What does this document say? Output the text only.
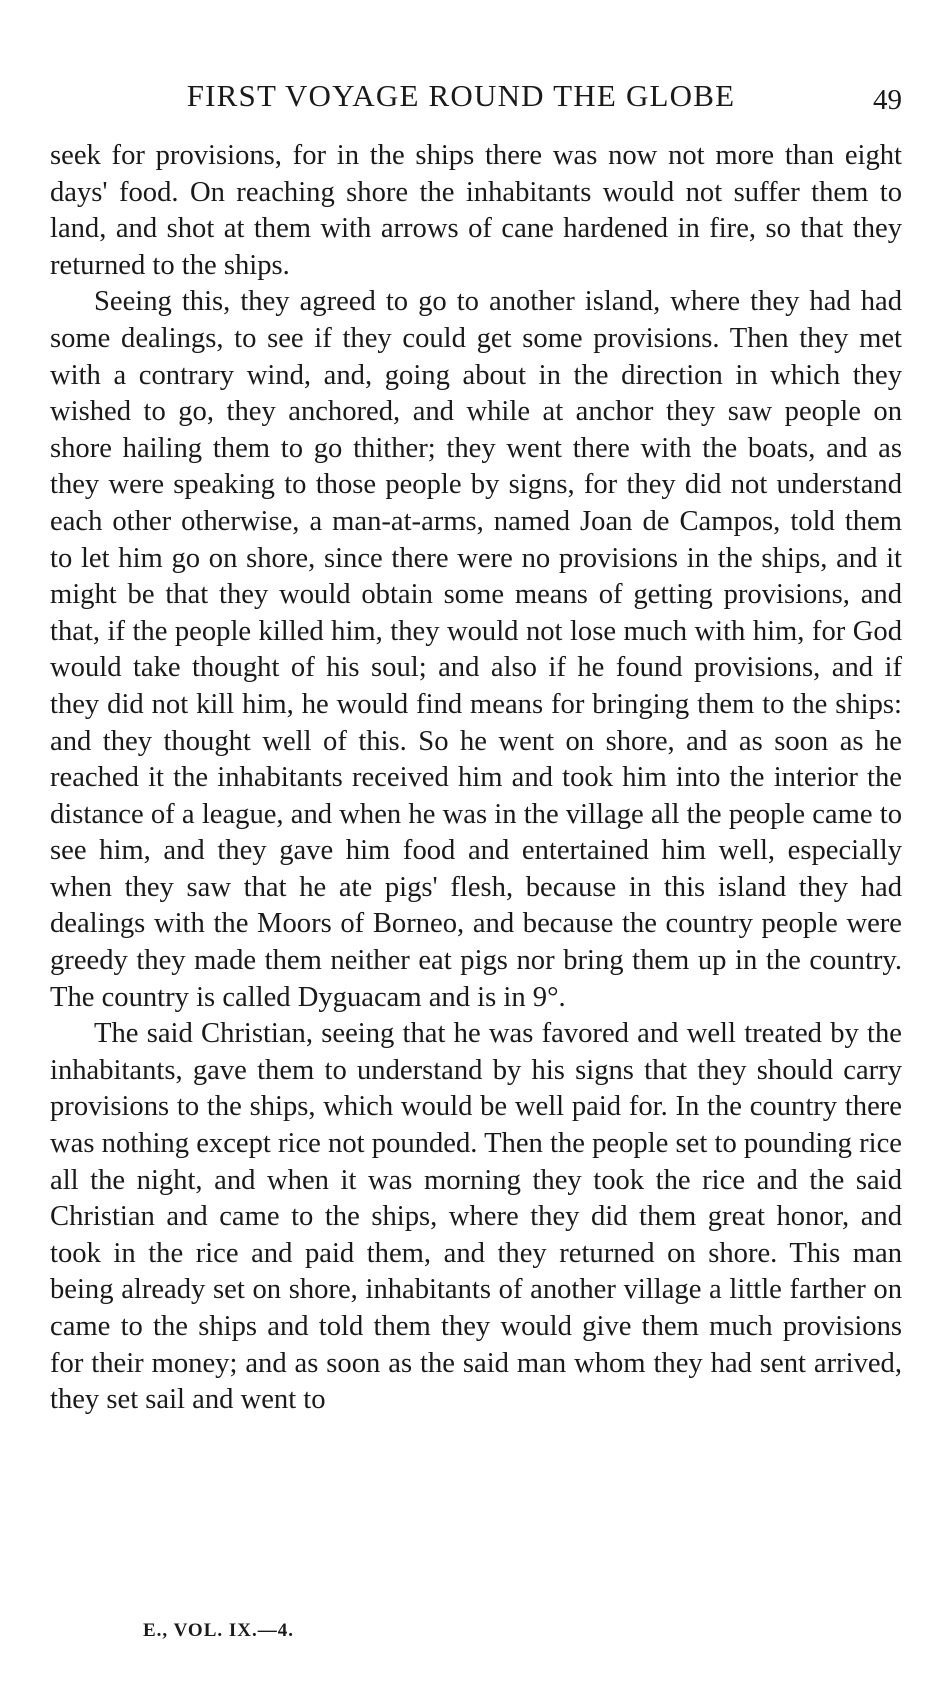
FIRST VOYAGE ROUND THE GLOBE	49

seek for provisions, for in the ships there was now not more than eight days' food. On reaching shore the inhabitants would not suffer them to land, and shot at them with arrows of cane hardened in fire, so that they returned to the ships.

Seeing this, they agreed to go to another island, where they had had some dealings, to see if they could get some provisions. Then they met with a contrary wind, and, going about in the direction in which they wished to go, they anchored, and while at anchor they saw people on shore hailing them to go thither; they went there with the boats, and as they were speaking to those people by signs, for they did not understand each other otherwise, a man-at-arms, named Joan de Campos, told them to let him go on shore, since there were no provisions in the ships, and it might be that they would obtain some means of getting provisions, and that, if the people killed him, they would not lose much with him, for God would take thought of his soul; and also if he found provisions, and if they did not kill him, he would find means for bringing them to the ships: and they thought well of this. So he went on shore, and as soon as he reached it the inhabitants received him and took him into the interior the distance of a league, and when he was in the village all the people came to see him, and they gave him food and entertained him well, especially when they saw that he ate pigs' flesh, because in this island they had dealings with the Moors of Borneo, and because the country people were greedy they made them neither eat pigs nor bring them up in the country. The country is called Dyguacam and is in 9°.

The said Christian, seeing that he was favored and well treated by the inhabitants, gave them to understand by his signs that they should carry provisions to the ships, which would be well paid for. In the country there was nothing except rice not pounded. Then the people set to pounding rice all the night, and when it was morning they took the rice and the said Christian and came to the ships, where they did them great honor, and took in the rice and paid them, and they returned on shore. This man being already set on shore, inhabitants of another village a little farther on came to the ships and told them they would give them much provisions for their money; and as soon as the said man whom they had sent arrived, they set sail and went to

E., VOL. IX.—4.
